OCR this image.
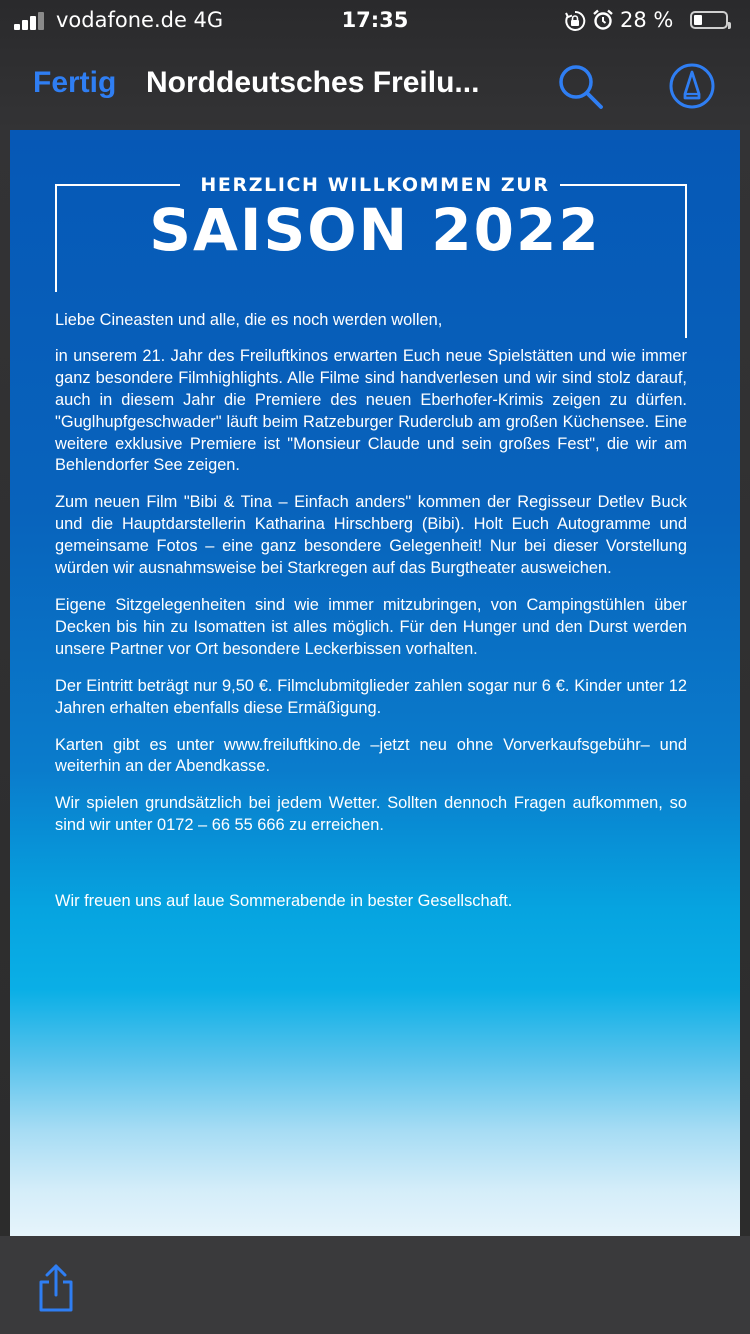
vodafone.de 4G	17:35	28 %
Fertig Norddeutsches Freilu...
HERZLICH WILLKOMMEN ZUR
SAISON 2022

Liebe Cineasten und alle, die es noch werden wollen,

in unserem 21. Jahr des Freiluftkinos erwarten Euch neue Spielstätten und wie immer ganz besondere Filmhighlights. Alle Filme sind handverlesen und wir sind stolz darauf, auch in diesem Jahr die Premiere des neuen Eberhofer-Krimis zeigen zu dürfen. "Guglhupfgeschwader" läuft beim Ratzeburger Ruderclub am großen Küchensee. Eine weitere exklusive Premiere ist "Monsieur Claude und sein großes Fest", die wir am Behlendorfer See zeigen.

Zum neuen Film "Bibi & Tina – Einfach anders" kommen der Regisseur Detlev Buck und die Hauptdarstellerin Katharina Hirschberg (Bibi). Holt Euch Autogramme und gemeinsame Fotos – eine ganz besondere Gelegenheit! Nur bei dieser Vorstellung würden wir ausnahmsweise bei Starkregen auf das Burgtheater ausweichen.

Eigene Sitzgelegenheiten sind wie immer mitzubringen, von Campingstühlen über Decken bis hin zu Isomatten ist alles möglich. Für den Hunger und den Durst werden unsere Partner vor Ort besondere Leckerbissen vorhalten.

Der Eintritt beträgt nur 9,50 €. Filmclubmitglieder zahlen sogar nur 6 €. Kinder unter 12 Jahren erhalten ebenfalls diese Ermäßigung.

Karten gibt es unter www.freiluftkino.de –jetzt neu ohne Vorverkaufsgebühr– und weiterhin an der Abendkasse.

Wir spielen grundsätzlich bei jedem Wetter. Sollten dennoch Fragen aufkommen, so sind wir unter 0172 – 66 55 666 zu erreichen.

Wir freuen uns auf laue Sommerabende in bester Gesellschaft.
